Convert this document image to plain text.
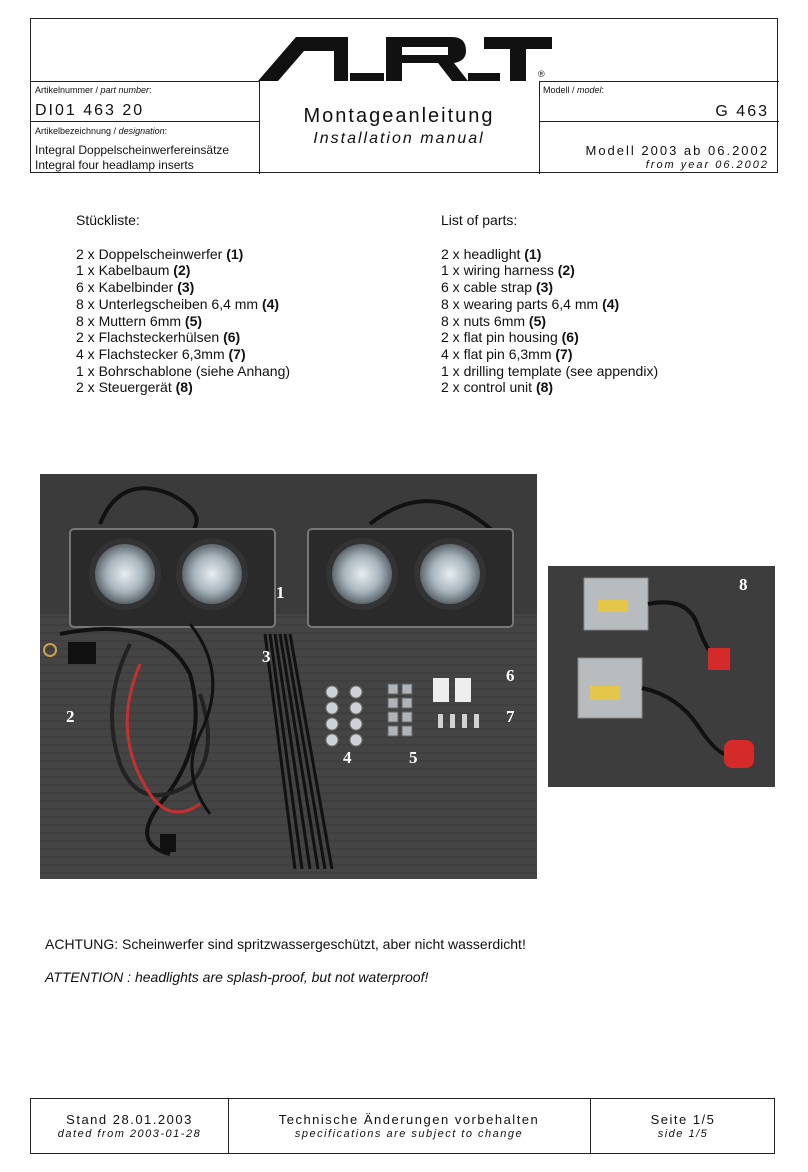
®
Artikelnummer / part number:
DI01 463 20
Artikelbezeichnung / designation:
Integral Doppelscheinwerfereinsätze
Integral four headlamp inserts
Montageanleitung
Installation manual
Modell / model:
G 463
Modell 2003 ab 06.2002
from year 06.2002
Stückliste:
2 x Doppelscheinwerfer (1)
1 x Kabelbaum (2)
6 x Kabelbinder (3)
8 x Unterlegscheiben 6,4 mm (4)
8 x Muttern 6mm (5)
2 x Flachsteckerhülsen (6)
4 x Flachstecker 6,3mm (7)
1 x Bohrschablone (siehe Anhang)
2 x Steuergerät (8)
List of parts:
2 x headlight (1)
1 x wiring harness (2)
6 x cable strap (3)
8 x wearing parts 6,4 mm (4)
8 x nuts 6mm (5)
2 x flat pin housing (6)
4 x flat pin 6,3mm (7)
1 x drilling template (see appendix)
2 x control unit (8)
1
2
3
4	5
6
7
8
ACHTUNG: Scheinwerfer sind spritzwassergeschützt, aber nicht wasserdicht!
ATTENTION : headlights are splash-proof, but not waterproof!
Stand 28.01.2003
dated from 2003-01-28
Technische Änderungen vorbehalten
specifications are subject to change
Seite 1/5
side 1/5
